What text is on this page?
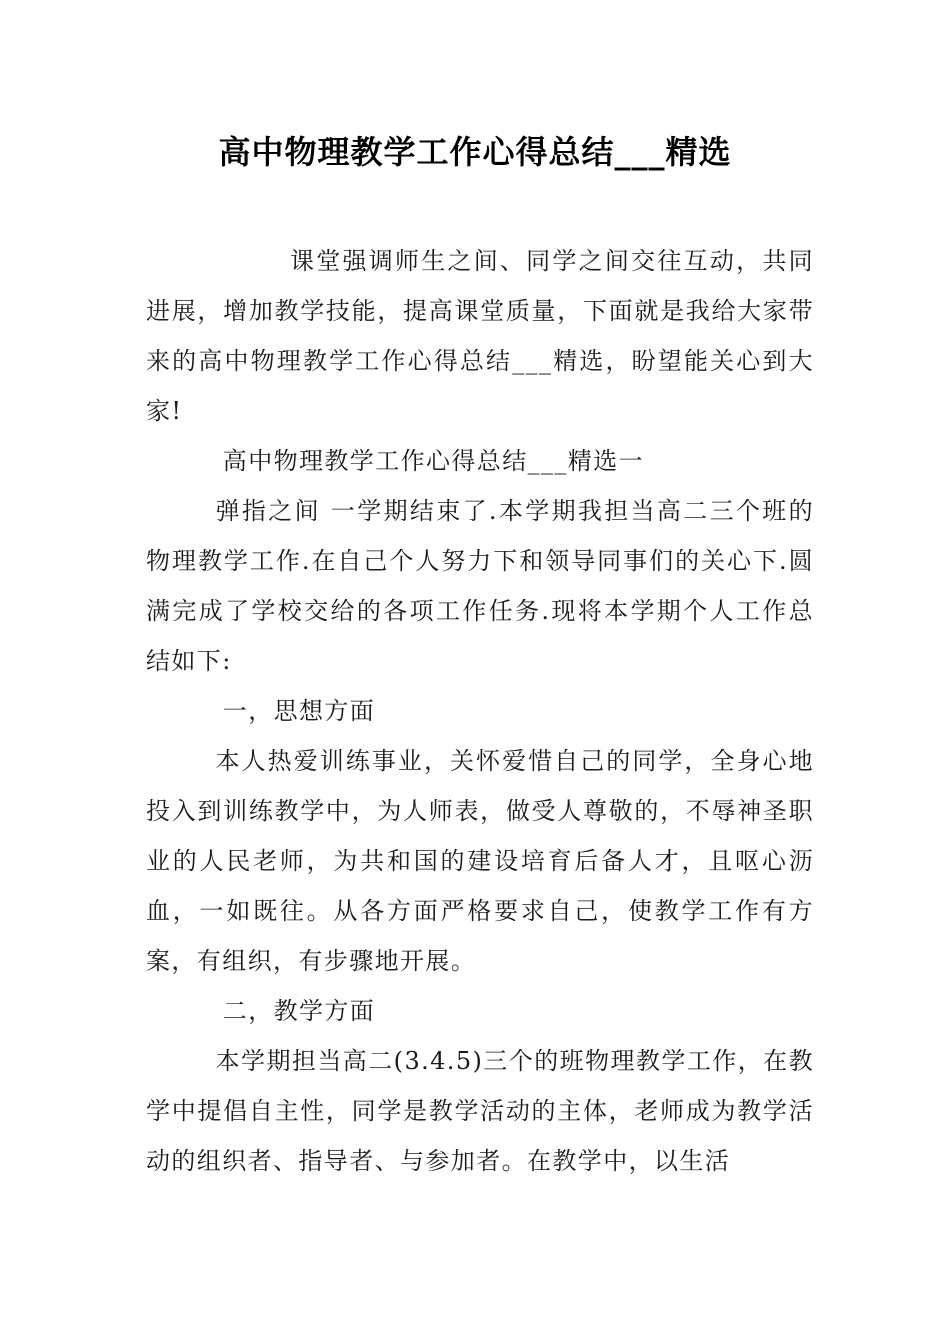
高中物理教学工作心得总结___精选

课堂强调师生之间、同学之间交往互动，共同进展，增加教学技能，提高课堂质量，下面就是我给大家带来的高中物理教学工作心得总结___精选，盼望能关心到大家!

高中物理教学工作心得总结___精选一

弹指之间 一学期结束了.本学期我担当高二三个班的物理教学工作.在自己个人努力下和领导同事们的关心下.圆满完成了学校交给的各项工作任务.现将本学期个人工作总结如下:

一，思想方面

本人热爱训练事业，关怀爱惜自己的同学，全身心地投入到训练教学中，为人师表，做受人尊敬的，不辱神圣职业的人民老师，为共和国的建设培育后备人才，且呕心沥血，一如既往。从各方面严格要求自己，使教学工作有方案，有组织，有步骤地开展。

二，教学方面

本学期担当高二(3.4.5)三个的班物理教学工作，在教学中提倡自主性，同学是教学活动的主体，老师成为教学活动的组织者、指导者、与参加者。在教学中，以生活
